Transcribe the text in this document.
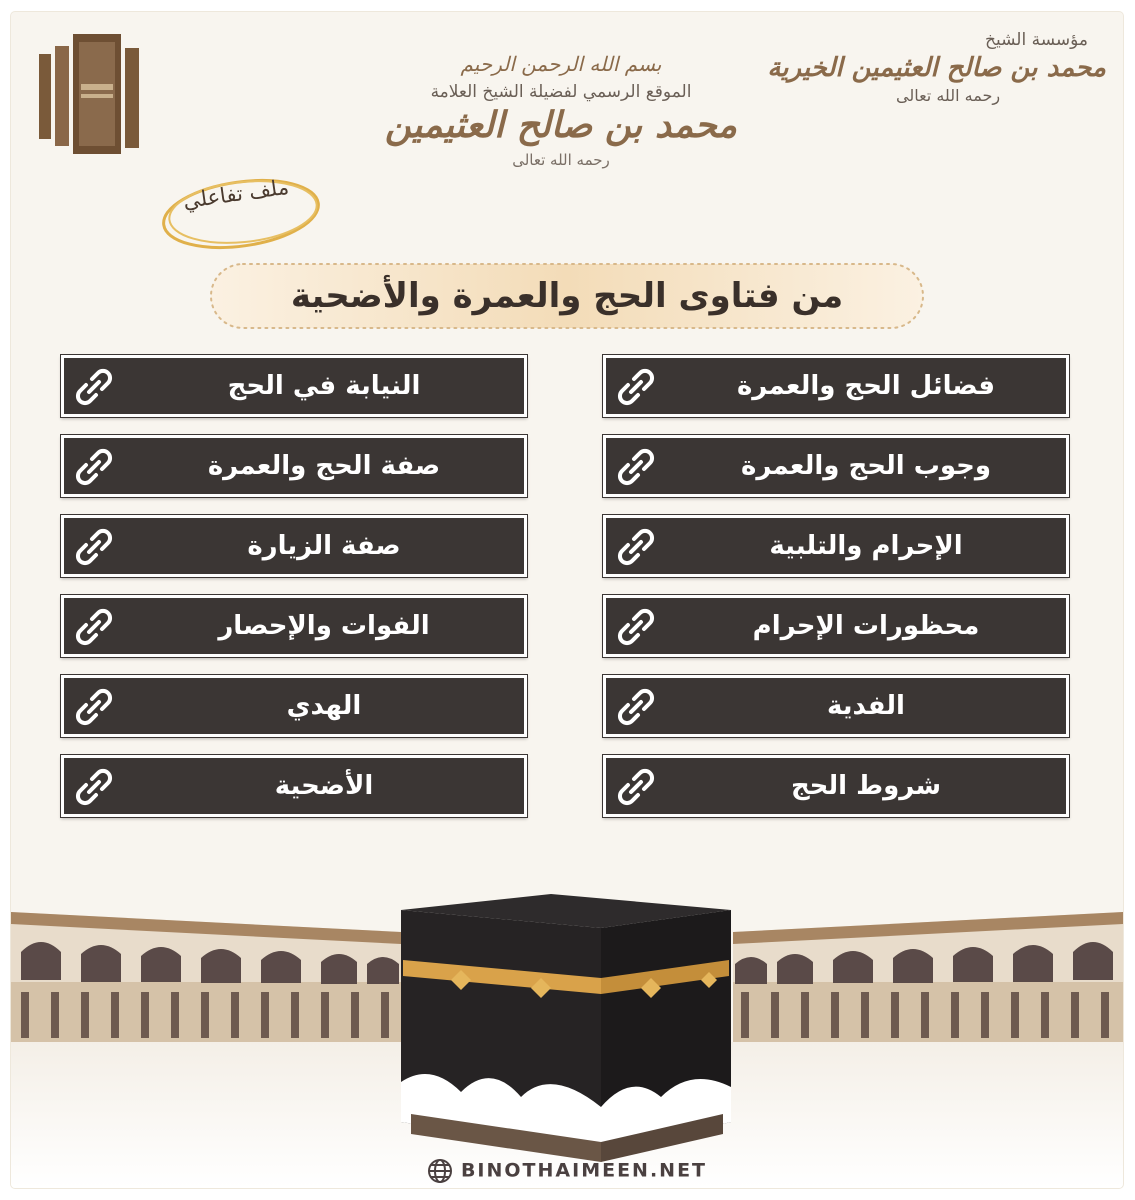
بسم الله الرحمن الرحيم
الموقع الرسمي لفضيلة الشيخ العلامة
محمد بن صالح العثيمين
رحمه الله تعالى
مؤسسة الشيخ
محمد بن صالح العثيمين الخيرية
رحمه الله تعالى
ملف تفاعلي
من فتاوى الحج والعمرة والأضحية
فضائل الحج والعمرة
وجوب الحج والعمرة
الإحرام والتلبية
محظورات الإحرام
الفدية
شروط الحج
النيابة في الحج
صفة الحج والعمرة
صفة الزيارة
الفوات والإحصار
الهدي
الأضحية
BINOTHAIMEEN.NET
